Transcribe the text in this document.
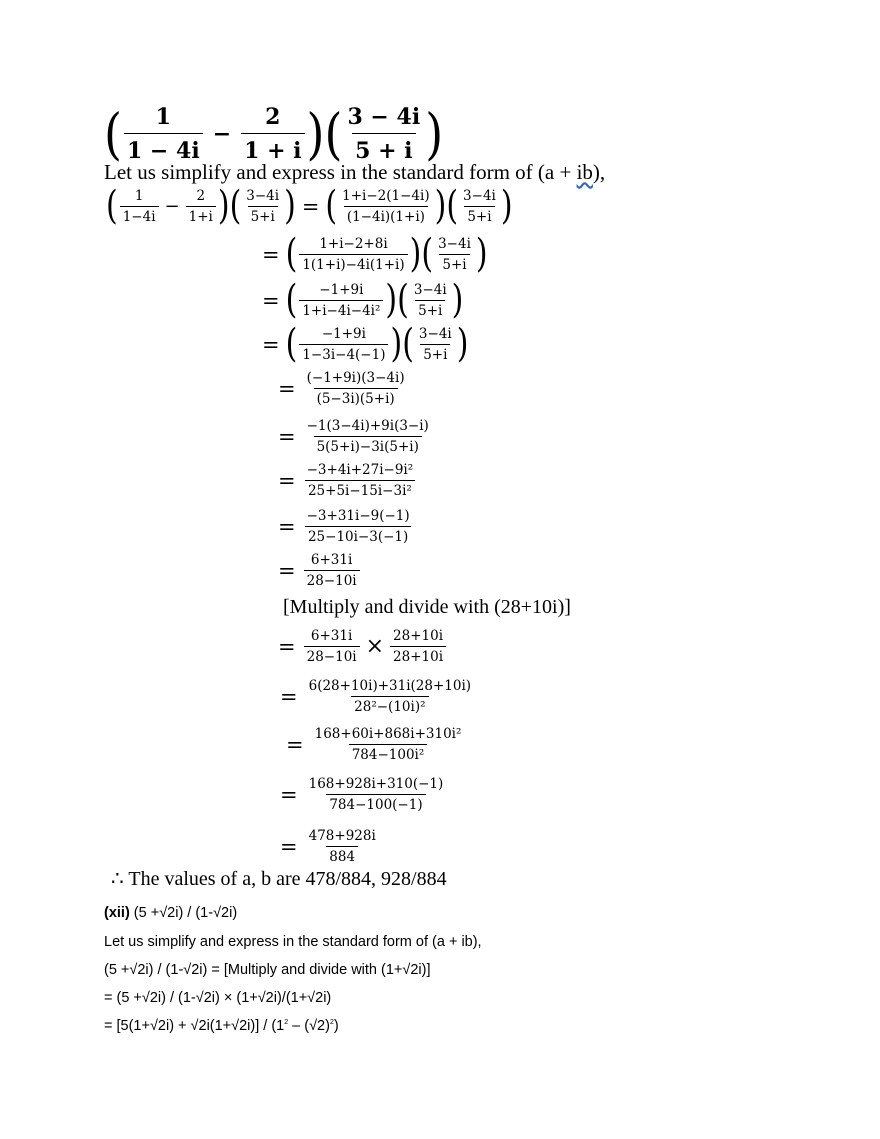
( $\frac{1}{1 - 4i} - \frac{2}{1 + i}$ ) ( $\frac{3 - 4i}{5 + i}$ )
Let us simplify and express in the standard form of (a + ib),
( $\frac{1}{1-4i} - \frac{2}{1+i}$ ) ( $\frac{3-4i}{5+i}$ ) = ( $\frac{1+i-2(1-4i)}{(1-4i)(1+i)}$ ) ( $\frac{3-4i}{5+i}$ )
= ( $\frac{1+i-2+8i}{1(1+i)-4i(1+i)}$ ) ( $\frac{3-4i}{5+i}$ )
= ( $\frac{-1+9i}{\text{1+i−4i−4i²}}$ ) ( $\frac{3-4i}{5+i}$ )
= ( $\frac{-1+9i}{1-3i-4(-1)}$ ) ( $\frac{3-4i}{5+i}$ )
= $\frac{(-1+9i)(3-4i)}{(5-3i)(5+i)}$
= $\frac{-1(3-4i)+9i(3-i)}{5(5+i)-3i(5+i)}$
= $\frac{\text{−3+4i+27i−9i²}}{\text{25+5i−15i−3i²}}$
= $\frac{-3+31i-9(-1)}{25-10i-3(-1)}$
= $\frac{6+31i}{28-10i}$
[Multiply and divide with (28+10i)]
= $\frac{6+31i}{28-10i} \times \frac{28+10i}{28+10i}$
= $\frac{6(28+10i)+31i(28+10i)}{\text{28²−(10i)²}}$
= $\frac{\text{168+60i+868i+310i²}}{\text{784−100i²}}$
= $\frac{168+928i+310(-1)}{784-100(-1)}$
= $\frac{478+928i}{884}$
∴ The values of a, b are 478/884, 928/884
(xii) (5 +√2i) / (1-√2i)
Let us simplify and express in the standard form of (a + ib),
(5 +√2i) / (1-√2i) = [Multiply and divide with (1+√2i)]
= (5 +√2i) / (1-√2i) × (1+√2i)/(1+√2i)
= $[5(1+√2i) + √2i(1+√2i)] / (1^2 - (√2)^2)$
